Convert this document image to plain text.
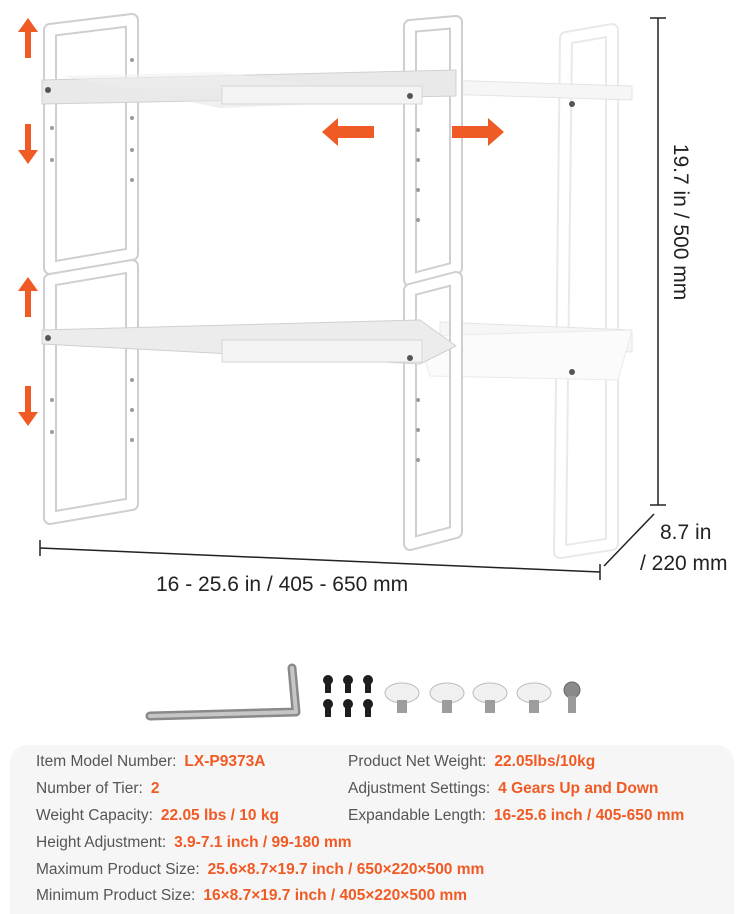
19.7 in / 500 mm
16 - 25.6 in / 405 - 650 mm
8.7 in
/ 220 mm
Item Model Number: LX-P9373A	Product Net Weight: 22.05lbs/10kg
Number of Tier: 2	Adjustment Settings: 4 Gears Up and Down
Weight Capacity: 22.05 lbs / 10 kg	Expandable Length: 16-25.6 inch / 405-650 mm
Height Adjustment: 3.9-7.1 inch / 99-180 mm
Maximum Product Size: 25.6×8.7×19.7 inch / 650×220×500 mm
Minimum Product Size: 16×8.7×19.7 inch / 405×220×500 mm
